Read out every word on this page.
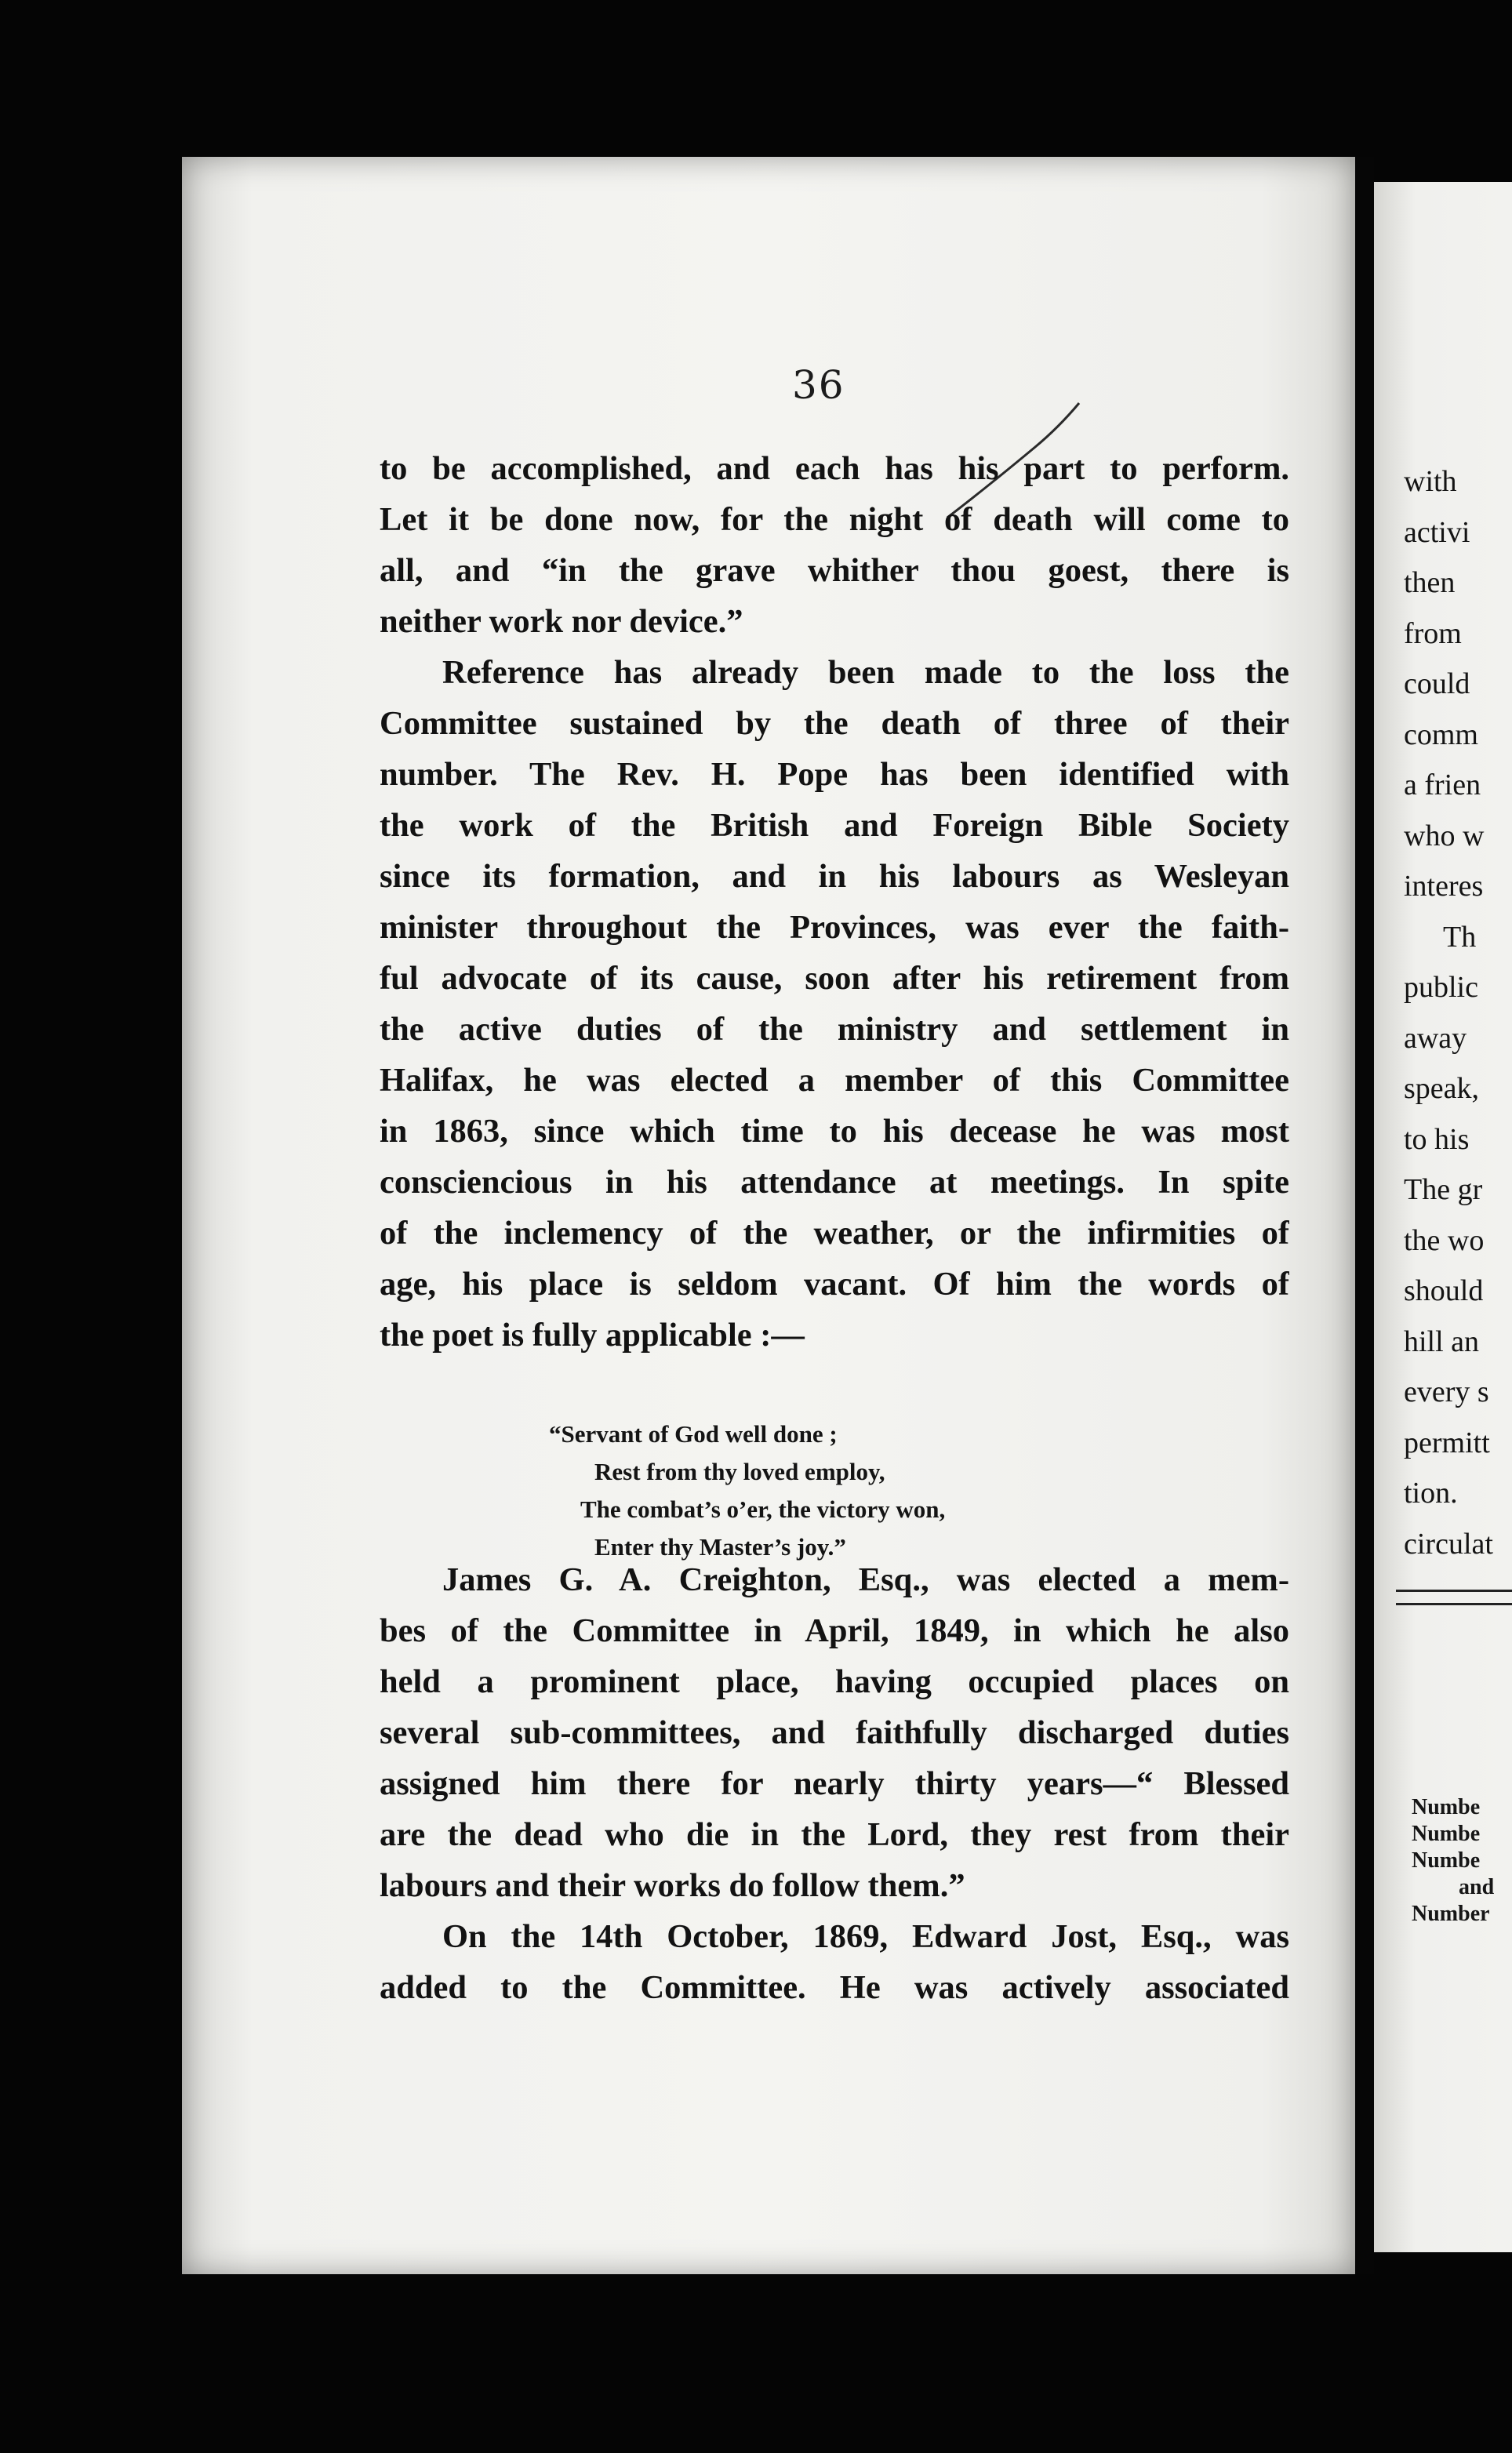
36
to be accomplished, and each has his part to perform.
Let it be done now, for the night of death will come to
all, and “in the grave whither thou goest, there is
neither work nor device.”
Reference has already been made to the loss the
Committee sustained by the death of three of their
number. The Rev. H. Pope has been identified with
the work of the British and Foreign Bible Society
since its formation, and in his labours as Wesleyan
minister throughout the Provinces, was ever the faith-
ful advocate of its cause, soon after his retirement from
the active duties of the ministry and settlement in
Halifax, he was elected a member of this Committee
in 1863, since which time to his decease he was most
consciencious in his attendance at meetings. In spite
of the inclemency of the weather, or the infirmities of
age, his place is seldom vacant. Of him the words of
the poet is fully applicable :—
“Servant of God well done ;
Rest from thy loved employ,
The combat’s o’er, the victory won,
Enter thy Master’s joy.”
James G. A. Creighton, Esq., was elected a mem-
bes of the Committee in April, 1849, in which he also
held a prominent place, having occupied places on
several sub-committees, and faithfully discharged duties
assigned him there for nearly thirty years—“ Blessed
are the dead who die in the Lord, they rest from their
labours and their works do follow them.”
On the 14th October, 1869, Edward Jost, Esq., was
added to the Committee. He was actively associated
with
activi
then
from
could
comm
a frien
who w
interes
Th
public
away
speak,
to his
The gr
the wo
should
hill an
every s
permitt
tion.
circulat
Numbe
Numbe
Numbe
and
Number
